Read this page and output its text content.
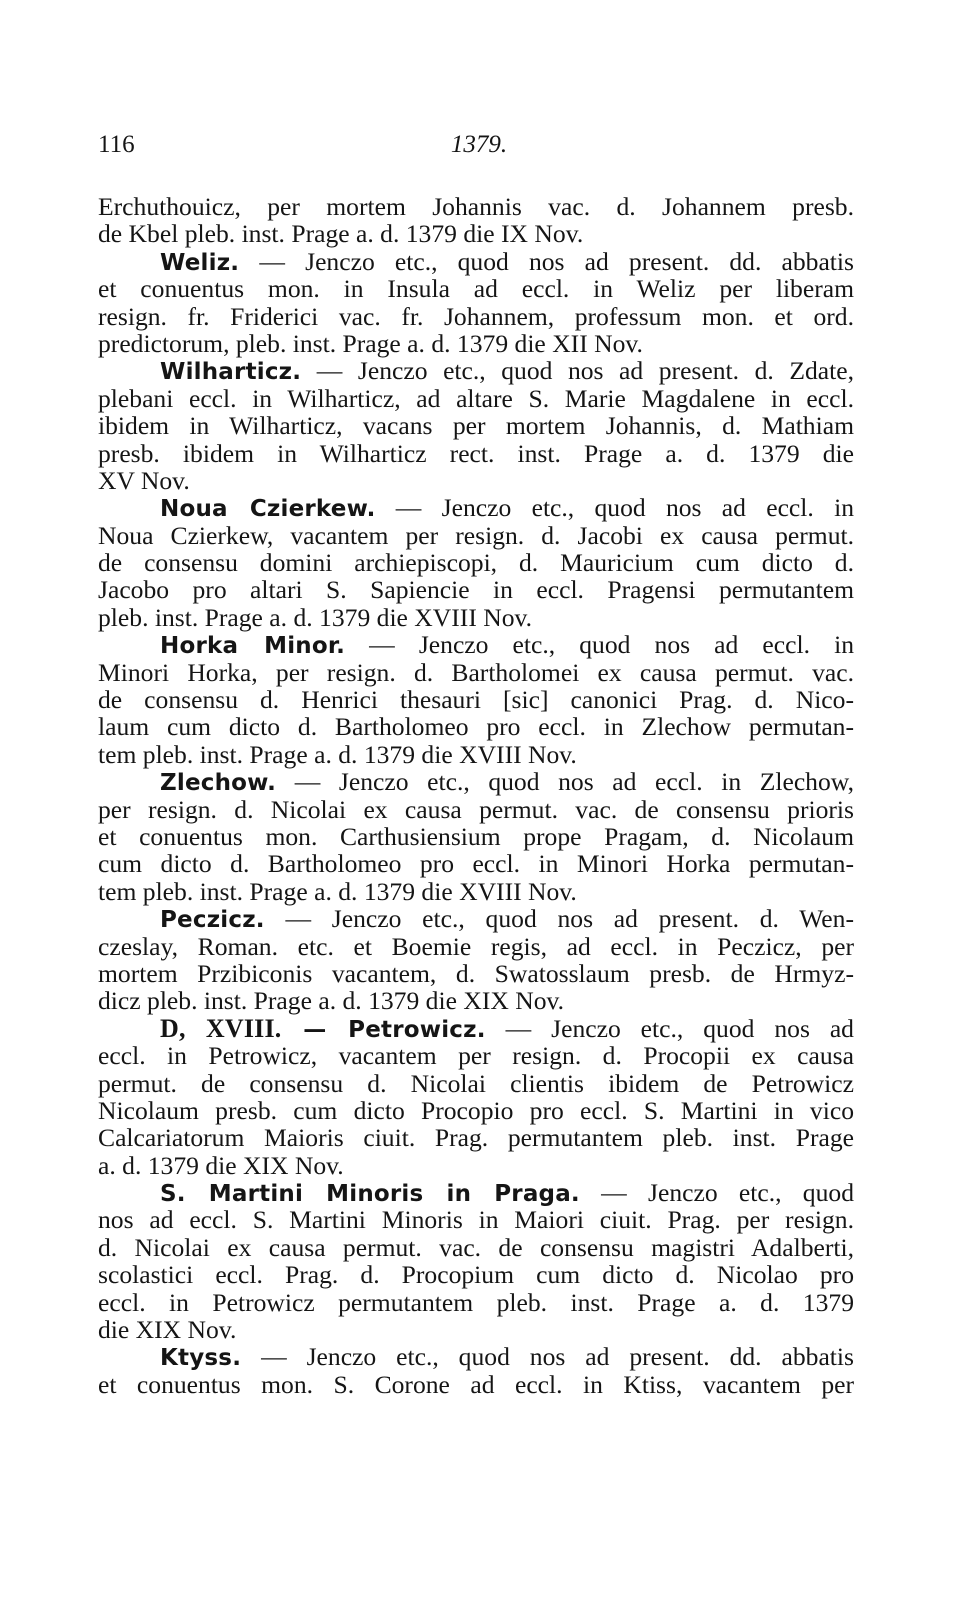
116	1379.
Erchuthouicz, per mortem Johannis vac. d. Johannem presb.
de Kbel pleb. inst. Prage a. d. 1379 die IX Nov.
Weliz. — Jenczo etc., quod nos ad present. dd. abbatis
et conuentus mon. in Insula ad eccl. in Weliz per liberam
resign. fr. Friderici vac. fr. Johannem, professum mon. et ord.
predictorum, pleb. inst. Prage a. d. 1379 die XII Nov.
Wilharticz. — Jenczo etc., quod nos ad present. d. Zdate,
plebani eccl. in Wilharticz, ad altare S. Marie Magdalene in eccl.
ibidem in Wilharticz, vacans per mortem Johannis, d. Mathiam
presb. ibidem in Wilharticz rect. inst. Prage a. d. 1379 die
XV Nov.
Noua Czierkew. — Jenczo etc., quod nos ad eccl. in
Noua Czierkew, vacantem per resign. d. Jacobi ex causa permut.
de consensu domini archiepiscopi, d. Mauricium cum dicto d.
Jacobo pro altari S. Sapiencie in eccl. Pragensi permutantem
pleb. inst. Prage a. d. 1379 die XVIII Nov.
Horka Minor. — Jenczo etc., quod nos ad eccl. in
Minori Horka, per resign. d. Bartholomei ex causa permut. vac.
de consensu d. Henrici thesauri [sic] canonici Prag. d. Nico-
laum cum dicto d. Bartholomeo pro eccl. in Zlechow permutan-
tem pleb. inst. Prage a. d. 1379 die XVIII Nov.
Zlechow. — Jenczo etc., quod nos ad eccl. in Zlechow,
per resign. d. Nicolai ex causa permut. vac. de consensu prioris
et conuentus mon. Carthusiensium prope Pragam, d. Nicolaum
cum dicto d. Bartholomeo pro eccl. in Minori Horka permutan-
tem pleb. inst. Prage a. d. 1379 die XVIII Nov.
Peczicz. — Jenczo etc., quod nos ad present. d. Wen-
czeslay, Roman. etc. et Boemie regis, ad eccl. in Peczicz, per
mortem Przibiconis vacantem, d. Swatosslaum presb. de Hrmyz-
dicz pleb. inst. Prage a. d. 1379 die XIX Nov.
D, XVIII. — Petrowicz. — Jenczo etc., quod nos ad
eccl. in Petrowicz, vacantem per resign. d. Procopii ex causa
permut. de consensu d. Nicolai clientis ibidem de Petrowicz
Nicolaum presb. cum dicto Procopio pro eccl. S. Martini in vico
Calcariatorum Maioris ciuit. Prag. permutantem pleb. inst. Prage
a. d. 1379 die XIX Nov.
S. Martini Minoris in Praga. — Jenczo etc., quod
nos ad eccl. S. Martini Minoris in Maiori ciuit. Prag. per resign.
d. Nicolai ex causa permut. vac. de consensu magistri Adalberti,
scolastici eccl. Prag. d. Procopium cum dicto d. Nicolao pro
eccl. in Petrowicz permutantem pleb. inst. Prage a. d. 1379
die XIX Nov.
Ktyss. — Jenczo etc., quod nos ad present. dd. abbatis
et conuentus mon. S. Corone ad eccl. in Ktiss, vacantem per
